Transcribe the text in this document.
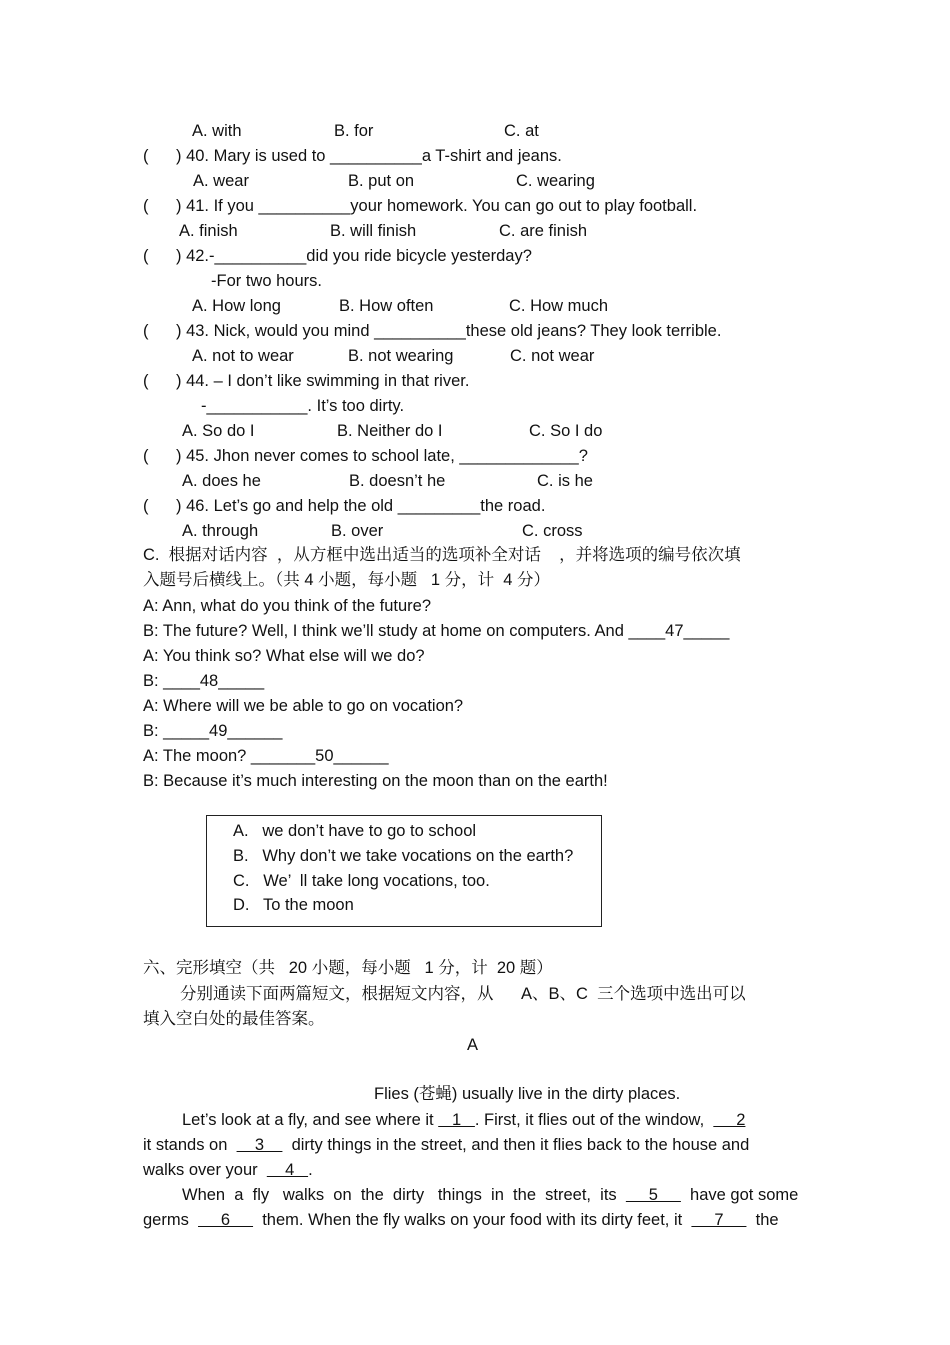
A. with	B. for	C. at
(      ) 40. Mary is used to __________a T-shirt and jeans.
A. wear	B. put on	C. wearing
(      ) 41. If you __________your homework. You can go out to play football.
A. finish	B. will finish	C. are finish
(      ) 42.-__________did you ride bicycle yesterday?
-For two hours.
A. How long	B. How often	C. How much
(      ) 43. Nick, would you mind __________these old jeans? They look terrible.
A. not to wear	B. not wearing	C. not wear
(      ) 44. – I don’t like swimming in that river.
-___________. It’s too dirty.
A. So do I	B. Neither do I	C. So I do
(      ) 45. Jhon never comes to school late, _____________?
A. does he	B. doesn’t he	C. is he
(      ) 46. Let’s go and help the old _________the road.
A. through	B. over	C. cross
C.  根据对话内容  ，从方框中选出适当的选项补全对话    ，并将选项的编号依次填
入题号后横线上。（共 4 小题，每小题   1 分，计  4 分）
A: Ann, what do you think of the future?
B: The future? Well, I think we’ll study at home on computers. And ____47_____
A: You think so? What else will we do?
B: ____48_____
A: Where will we be able to go on vocation?
B: _____49______
A: The moon? _______50______
B: Because it’s much interesting on the moon than on the earth!
A.   we don’t have to go to school
B.   Why don’t we take vocations on the earth?
C.   We’  ll take long vocations, too.
D.   To the moon
六、完形填空（共   20 小题，每小题   1 分，计  20 题）
分别通读下面两篇短文，根据短文内容，从      A、B、C  三个选项中选出可以
填入空白处的最佳答案。
A
Flies (苍蝇) usually live in the dirty places.
Let’s look at a fly, and see where it    1   . First, it flies out of the window,       2
it stands on      3      dirty things in the street, and then it flies back to the house and
walks over your      4   .
When  a  fly   walks  on  the  dirty   things  in  the  street,  its       5       have got some
germs       6       them. When the fly walks on your food with its dirty feet, it       7       the
